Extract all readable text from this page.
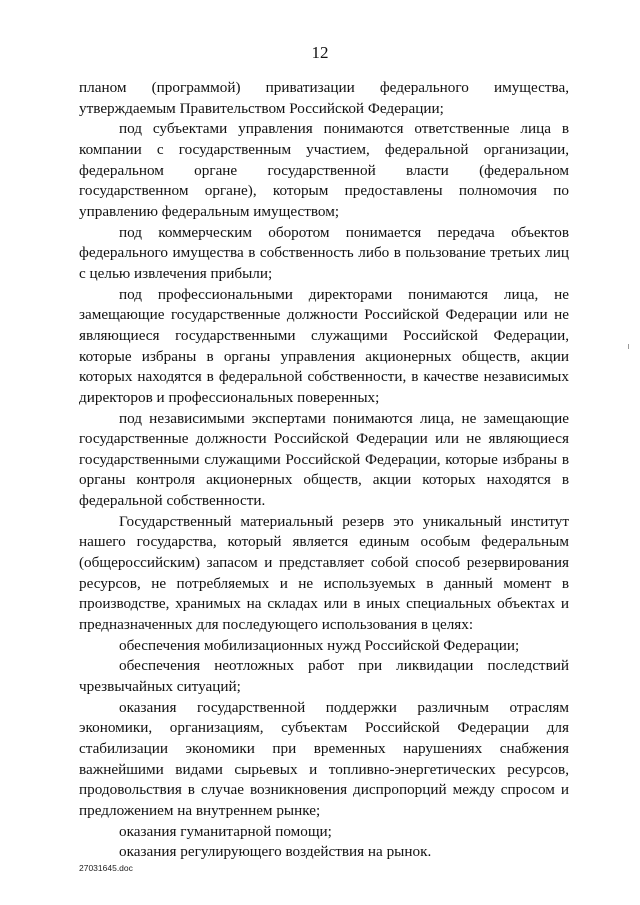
12

планом (программой) приватизации федерального имущества, утверждаемым Правительством Российской Федерации;

под субъектами управления понимаются ответственные лица в компании с государственным участием, федеральной организации, федеральном органе государственной власти (федеральном государственном органе), которым предоставлены полномочия по управлению федеральным имуществом;

под коммерческим оборотом понимается передача объектов федерального имущества в собственность либо в пользование третьих лиц с целью извлечения прибыли;

под профессиональными директорами понимаются лица, не замещающие государственные должности Российской Федерации или не являющиеся государственными служащими Российской Федерации, которые избраны в органы управления акционерных обществ, акции которых находятся в федеральной собственности, в качестве независимых директоров и профессиональных поверенных;

под независимыми экспертами понимаются лица, не замещающие государственные должности Российской Федерации или не являющиеся государственными служащими Российской Федерации, которые избраны в органы контроля акционерных обществ, акции которых находятся в федеральной собственности.

Государственный материальный резерв это уникальный институт нашего государства, который является единым особым федеральным (общероссийским) запасом и представляет собой способ резервирования ресурсов, не потребляемых и не используемых в данный момент в производстве, хранимых на складах или в иных специальных объектах и предназначенных для последующего использования в целях:

обеспечения мобилизационных нужд Российской Федерации;

обеспечения неотложных работ при ликвидации последствий чрезвычайных ситуаций;

оказания государственной поддержки различным отраслям экономики, организациям, субъектам Российской Федерации для стабилизации экономики при временных нарушениях снабжения важнейшими видами сырьевых и топливно-энергетических ресурсов, продовольствия в случае возникновения диспропорций между спросом и предложением на внутреннем рынке;

оказания гуманитарной помощи;

оказания регулирующего воздействия на рынок.

27031645.doc
